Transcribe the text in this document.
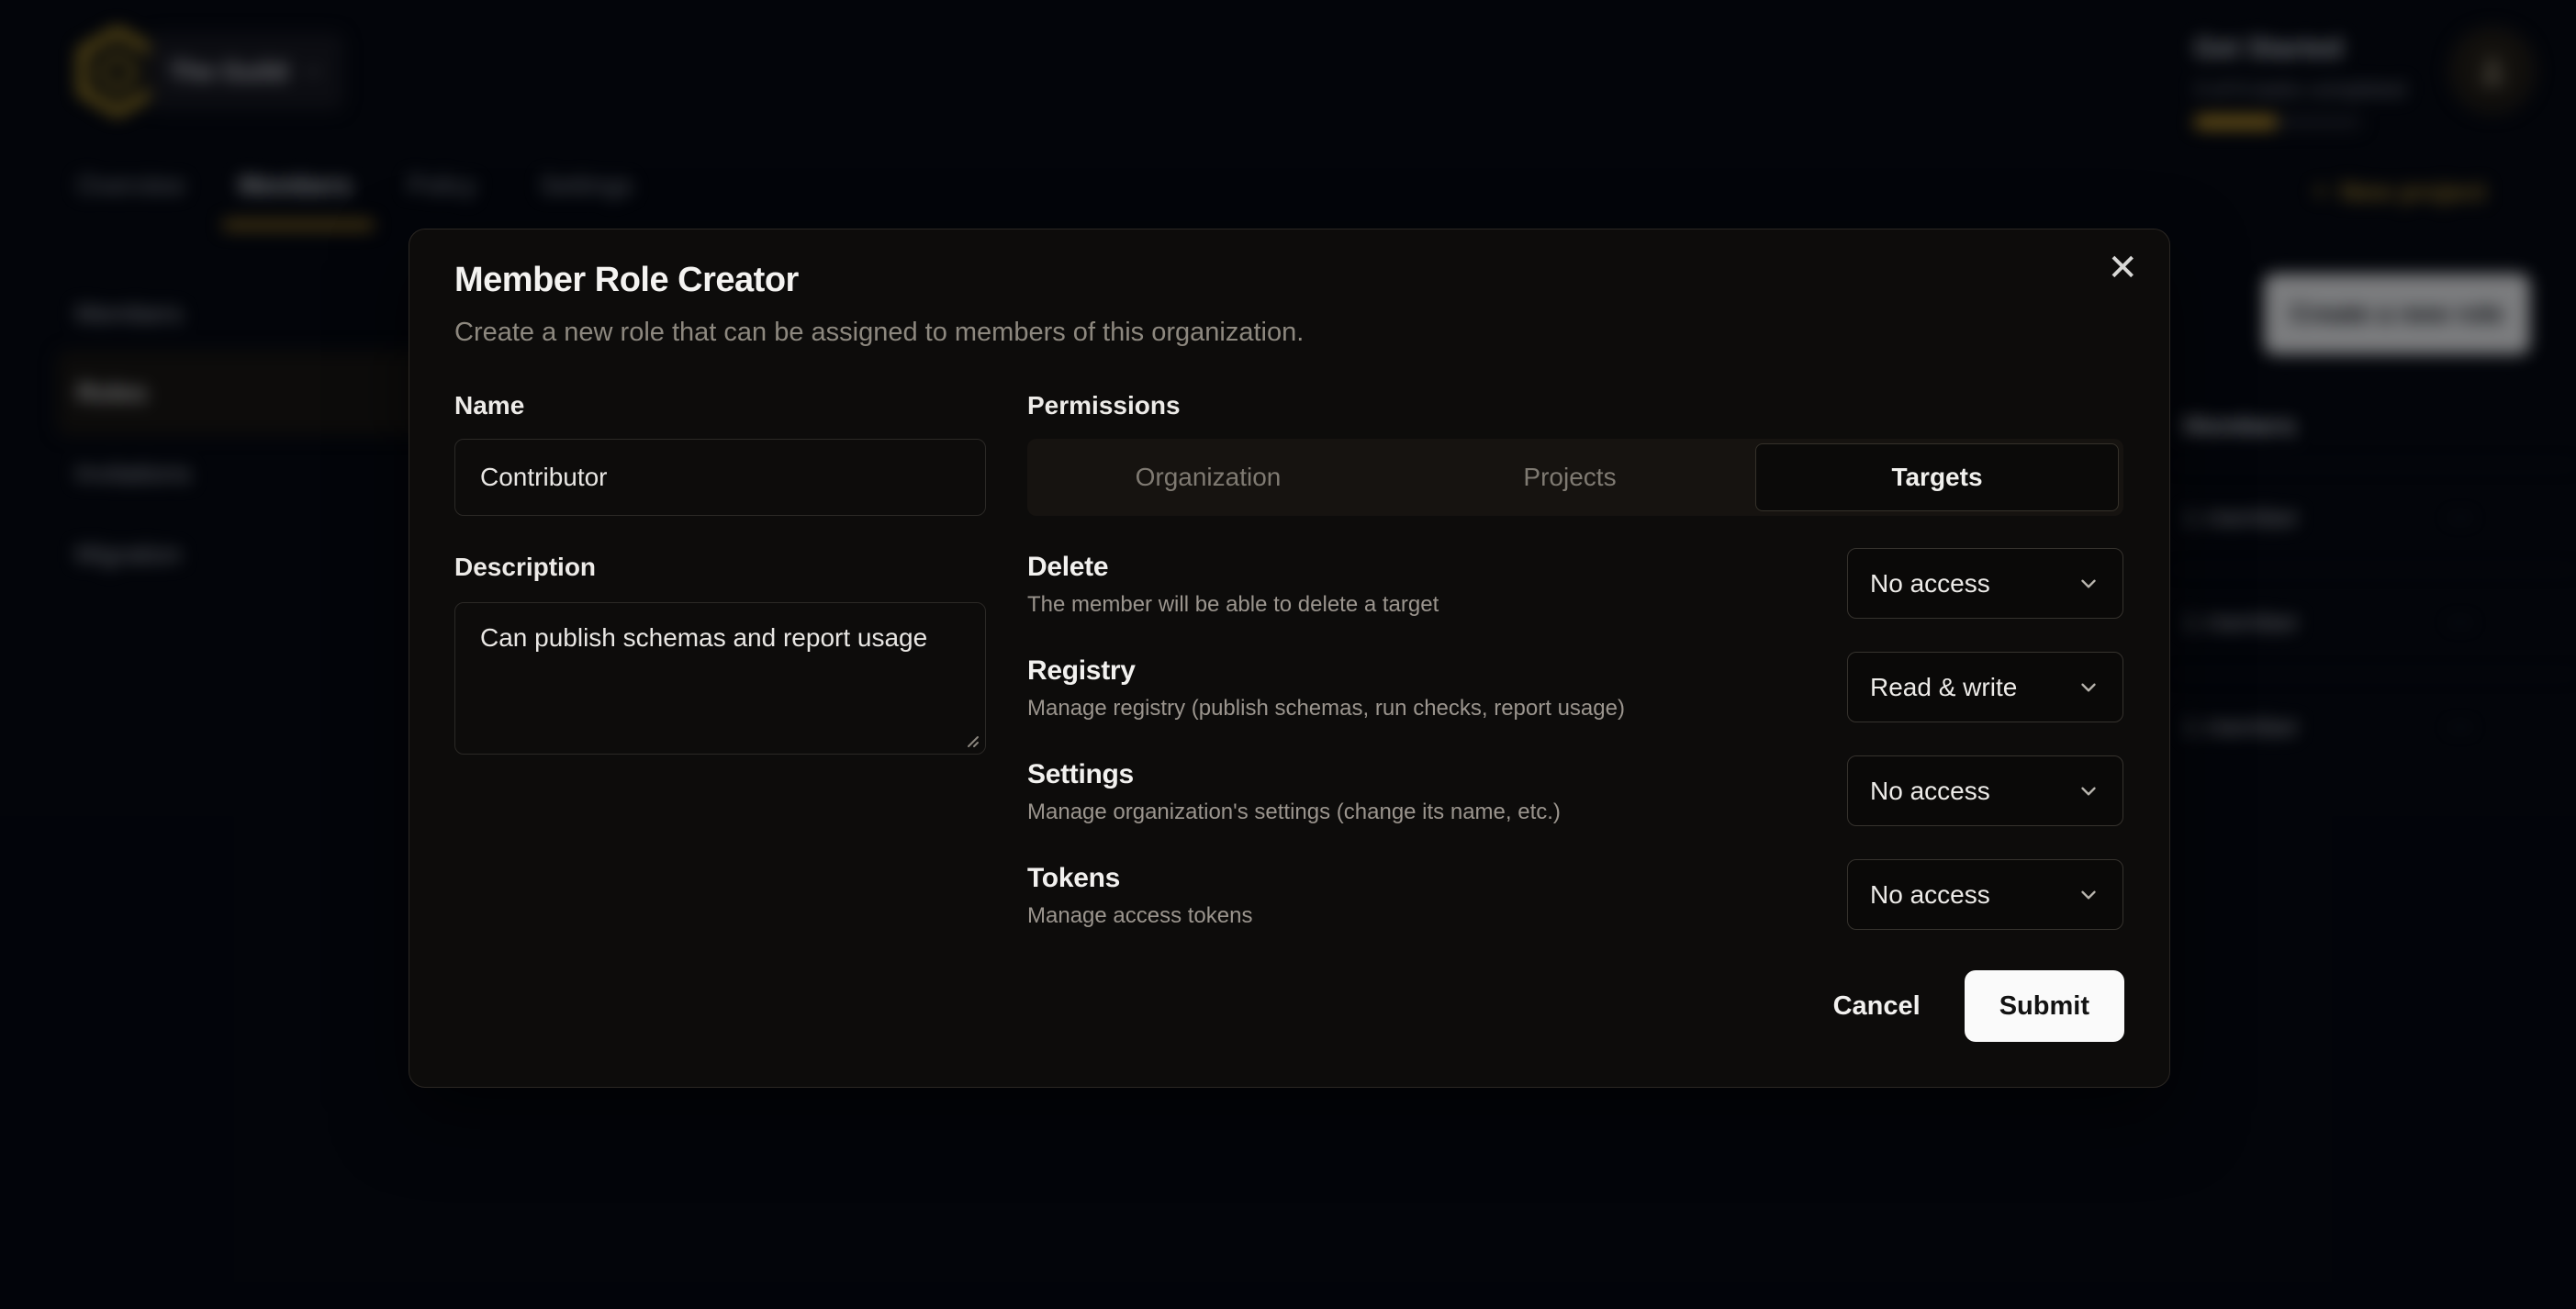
✕
Member Role Creator
Create a new role that can be assigned to members of this organization.
Name
Contributor
Description
Can publish schemas and report usage
Permissions
Organization	Projects	Targets
Delete
The member will be able to delete a target
No access
Registry
Manage registry (publish schemas, run checks, report usage)
Read & write
Settings
Manage organization's settings (change its name, etc.)
No access
Tokens
Manage access tokens
No access
Cancel	Submit
